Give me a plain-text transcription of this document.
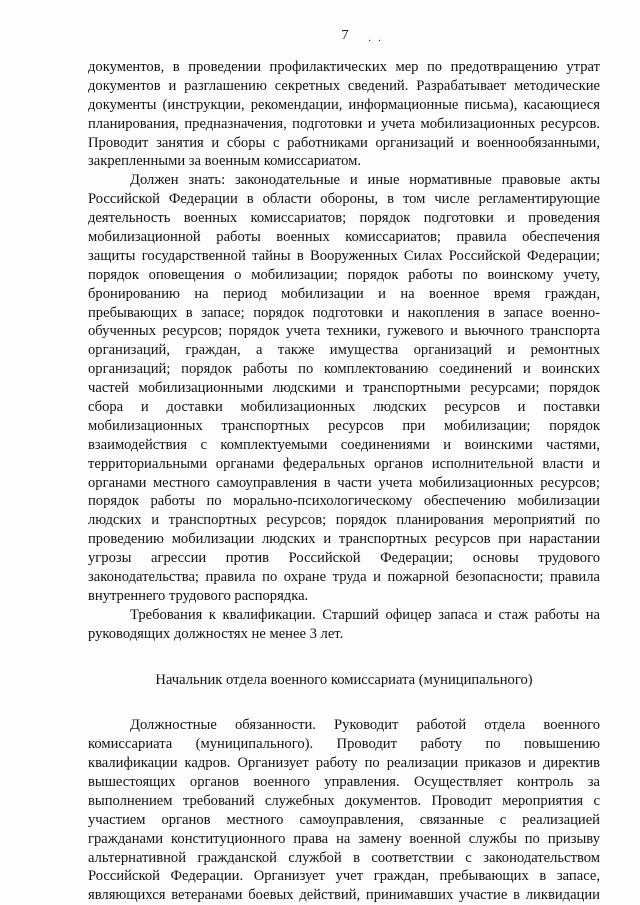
7	· ·
документов, в проведении профилактических мер по предотвращению утрат
документов и разглашению секретных сведений. Разрабатывает методические
документы (инструкции, рекомендации, информационные письма), касающиеся
планирования, предназначения, подготовки и учета мобилизационных ресурсов.
Проводит занятия и сборы с работниками организаций и военнообязанными,
закрепленными за военным комиссариатом.
Должен знать: законодательные и иные нормативные правовые акты
Российской Федерации в области обороны, в том числе регламентирующие
деятельность военных комиссариатов; порядок подготовки и проведения
мобилизационной работы военных комиссариатов; правила обеспечения
защиты государственной тайны в Вооруженных Силах Российской Федерации;
порядок оповещения о мобилизации; порядок работы по воинскому учету,
бронированию на период мобилизации и на военное время граждан,
пребывающих в запасе; порядок подготовки и накопления в запасе военно-
обученных ресурсов; порядок учета техники, гужевого и вьючного транспорта
организаций, граждан, а также имущества организаций и ремонтных
организаций; порядок работы по комплектованию соединений и воинских
частей мобилизационными людскими и транспортными ресурсами; порядок
сбора и доставки мобилизационных людских ресурсов и поставки
мобилизационных транспортных ресурсов при мобилизации; порядок
взаимодействия с комплектуемыми соединениями и воинскими частями,
территориальными органами федеральных органов исполнительной власти и
органами местного самоуправления в части учета мобилизационных ресурсов;
порядок работы по морально-психологическому обеспечению мобилизации
людских и транспортных ресурсов; порядок планирования мероприятий по
проведению мобилизации людских и транспортных ресурсов при нарастании
угрозы агрессии против Российской Федерации; основы трудового
законодательства; правила по охране труда и пожарной безопасности; правила
внутреннего трудового распорядка.
Требования к квалификации. Старший офицер запаса и стаж работы на
руководящих должностях не менее 3 лет.
Начальник отдела военного комиссариата (муниципального)
Должностные обязанности. Руководит работой отдела военного
комиссариата (муниципального). Проводит работу по повышению
квалификации кадров. Организует работу по реализации приказов и директив
вышестоящих органов военного управления. Осуществляет контроль за
выполнением требований служебных документов. Проводит мероприятия с
участием органов местного самоуправления, связанные с реализацией
гражданами конституционного права на замену военной службы по призыву
альтернативной гражданской службой в соответствии с законодательством
Российской Федерации. Организует учет граждан, пребывающих в запасе,
являющихся ветеранами боевых действий, принимавших участие в ликвидации
